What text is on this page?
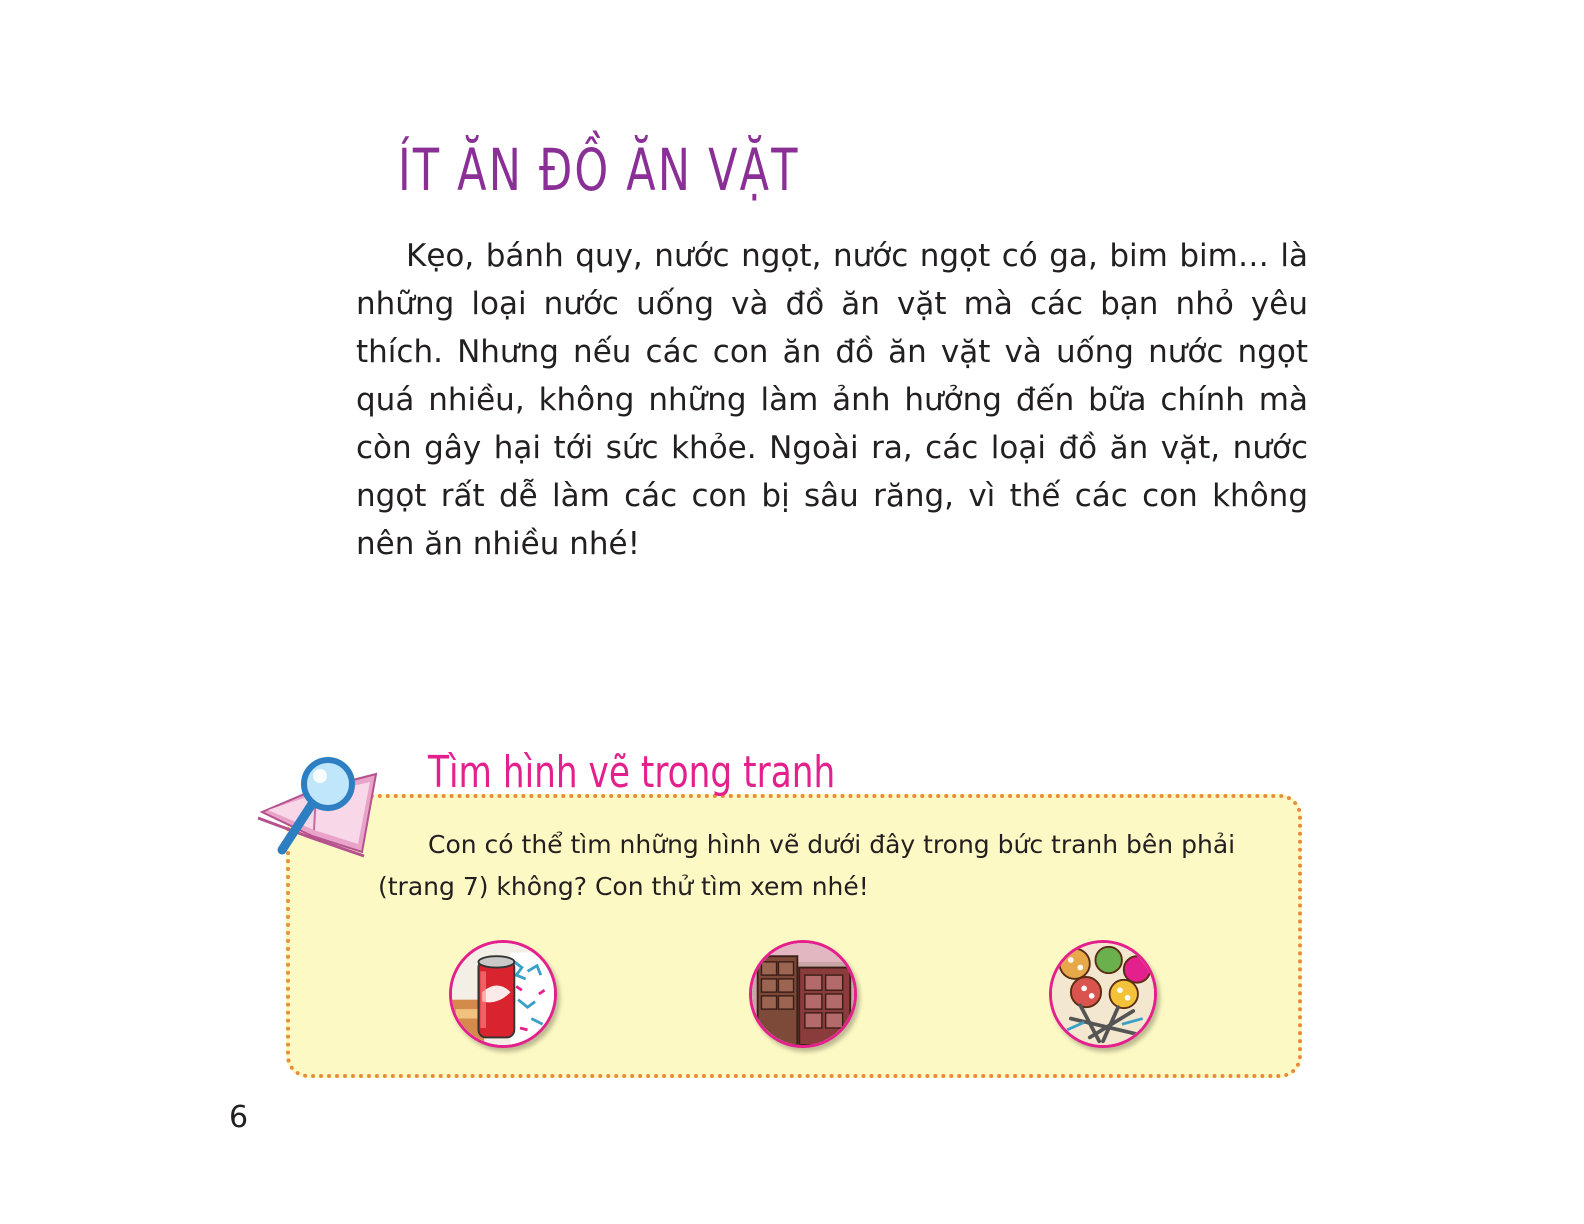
ÍT ĂN ĐỒ ĂN VẶT

Kẹo, bánh quy, nước ngọt, nước ngọt có ga, bim bim… là những loại nước uống và đồ ăn vặt mà các bạn nhỏ yêu thích. Nhưng nếu các con ăn đồ ăn vặt và uống nước ngọt quá nhiều, không những làm ảnh hưởng đến bữa chính mà còn gây hại tới sức khỏe. Ngoài ra, các loại đồ ăn vặt, nước ngọt rất dễ làm các con bị sâu răng, vì thế các con không nên ăn nhiều nhé!

Tìm hình vẽ trong tranh

Con có thể tìm những hình vẽ dưới đây trong bức tranh bên phải (trang 7) không? Con thử tìm xem nhé!

6
